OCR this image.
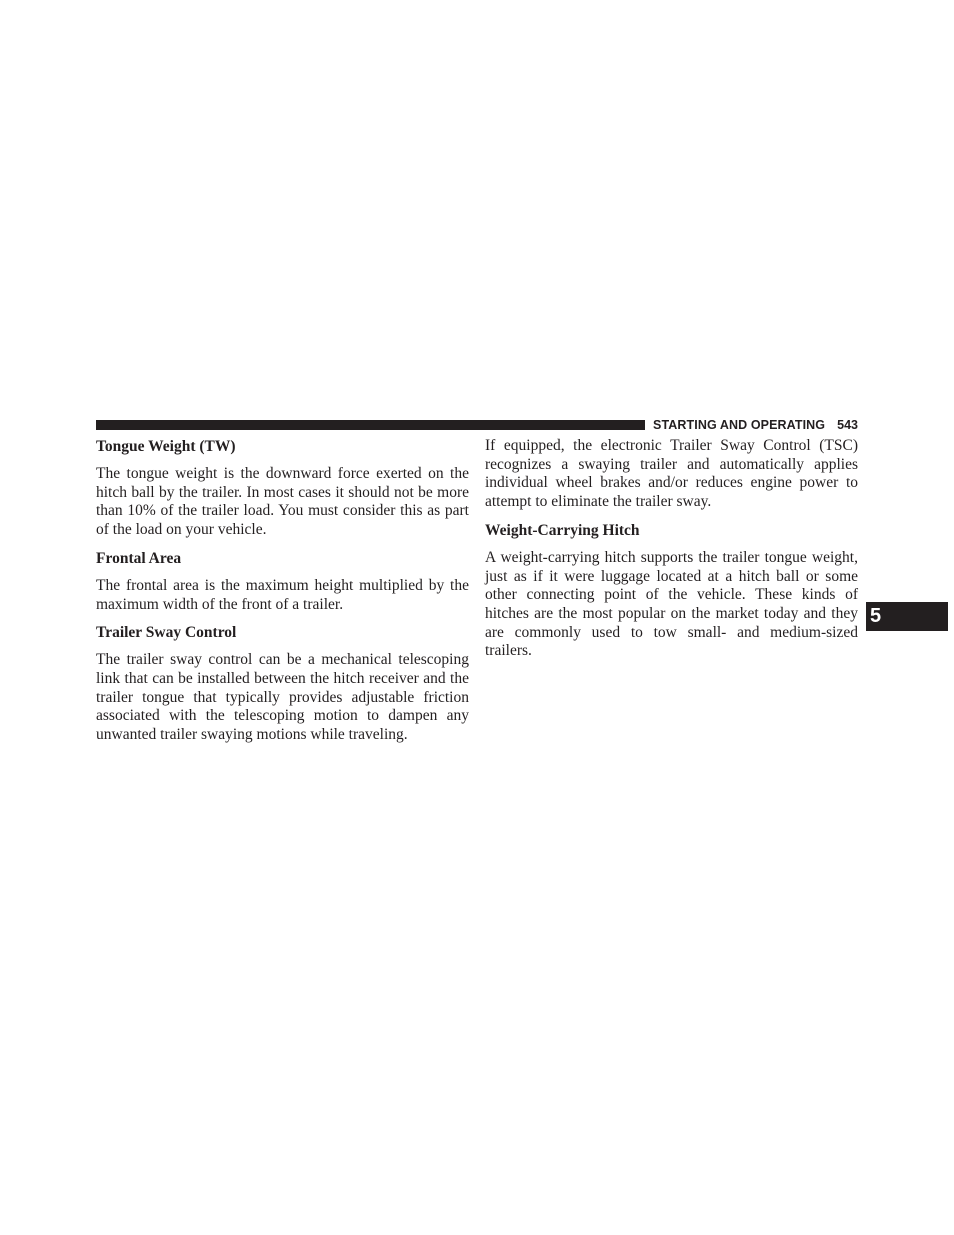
STARTING AND OPERATING 543
Tongue Weight (TW)

The tongue weight is the downward force exerted on the hitch ball by the trailer. In most cases it should not be more than 10% of the trailer load. You must consider this as part of the load on your vehicle.

Frontal Area

The frontal area is the maximum height multiplied by the maximum width of the front of a trailer.

Trailer Sway Control

The trailer sway control can be a mechanical telescoping link that can be installed between the hitch receiver and the trailer tongue that typically provides adjustable friction associated with the telescoping motion to dampen any unwanted trailer swaying motions while traveling.

If equipped, the electronic Trailer Sway Control (TSC) recognizes a swaying trailer and automatically applies individual wheel brakes and/or reduces engine power to attempt to eliminate the trailer sway.

Weight-Carrying Hitch

A weight-carrying hitch supports the trailer tongue weight, just as if it were luggage located at a hitch ball or some other connecting point of the vehicle. These kinds of hitches are the most popular on the market today and they are commonly used to tow small- and medium-sized trailers.

5
